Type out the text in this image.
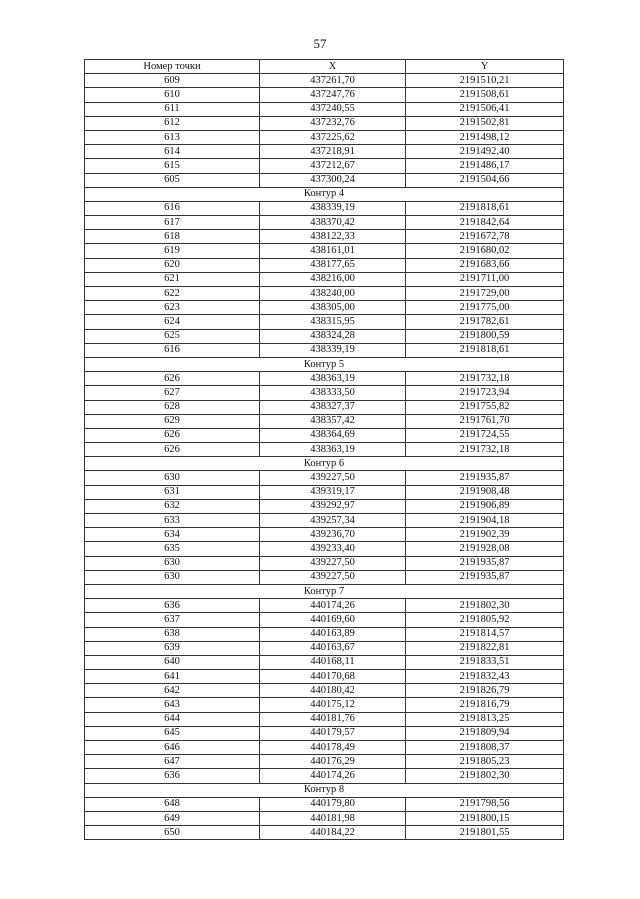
57
Номер точки	X	Y
609	437261,70	2191510,21
610	437247,76	2191508,61
611	437240,55	2191506,41
612	437232,76	2191502,81
613	437225,62	2191498,12
614	437218,91	2191492,40
615	437212,67	2191486,17
605	437300,24	2191504,66
Контур 4		
616	438339,19	2191818,61
617	438370,42	2191842,64
618	438122,33	2191672,78
619	438161,01	2191680,02
620	438177,65	2191683,66
621	438216,00	2191711,00
622	438240,00	2191729,00
623	438305,00	2191775,00
624	438315,95	2191782,61
625	438324,28	2191800,59
616	438339,19	2191818,61
Контур 5		
626	438363,19	2191732,18
627	438333,50	2191723,94
628	438327,37	2191755,82
629	438357,42	2191761,70
626	438364,69	2191724,55
626	438363,19	2191732,18
Контур 6		
630	439227,50	2191935,87
631	439319,17	2191908,48
632	439292,97	2191906,89
633	439257,34	2191904,18
634	439236,70	2191902,39
635	439233,40	2191928,08
630	439227,50	2191935,87
630	439227,50	2191935,87
Контур 7		
636	440174,26	2191802,30
637	440169,60	2191805,92
638	440163,89	2191814,57
639	440163,67	2191822,81
640	440168,11	2191833,51
641	440170,68	2191832,43
642	440180,42	2191826,79
643	440175,12	2191816,79
644	440181,76	2191813,25
645	440179,57	2191809,94
646	440178,49	2191808,37
647	440176,29	2191805,23
636	440174,26	2191802,30
Контур 8		
648	440179,80	2191798,56
649	440181,98	2191800,15
650	440184,22	2191801,55
